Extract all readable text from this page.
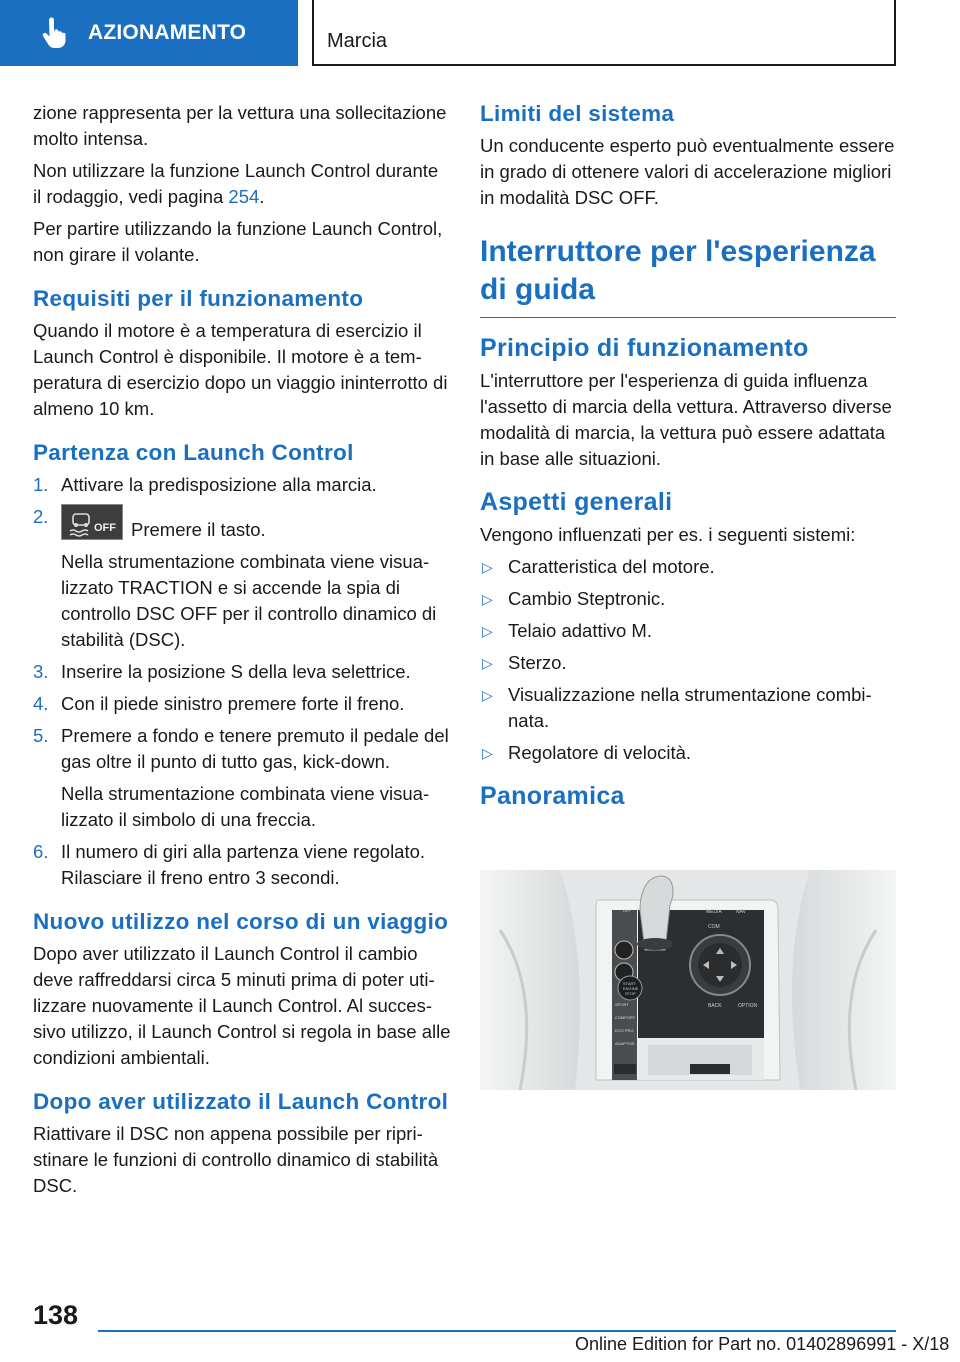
AZIONAMENTO	Marcia

zione rappresenta per la vettura una sollecitazione molto intensa.

Non utilizzare la funzione Launch Control durante il rodaggio, vedi pagina 254.

Per partire utilizzando la funzione Launch Control, non girare il volante.

Requisiti per il funzionamento

Quando il motore è a temperatura di esercizio il Launch Control è disponibile. Il motore è a temperatura di esercizio dopo un viaggio ininterrotto di almeno 10 km.

Partenza con Launch Control
1. Attivare la predisposizione alla marcia.
2.
OFF Premere il tasto.

Nella strumentazione combinata viene visualizzato TRACTION e si accende la spia di controllo DSC OFF per il controllo dinamico di stabilità (DSC).

3. Inserire la posizione S della leva selettrice.
4. Con il piede sinistro premere forte il freno.
5. Premere a fondo e tenere premuto il pedale del gas oltre il punto di tutto gas, kick-down.

Nella strumentazione combinata viene visualizzato il simbolo di una freccia.

6. Il numero di giri alla partenza viene regolato. Rilasciare il freno entro 3 secondi.
Nuovo utilizzo nel corso di un viaggio

Dopo aver utilizzato il Launch Control il cambio deve raffreddarsi circa 5 minuti prima di poter utilizzare nuovamente il Launch Control. Al successivo utilizzo, il Launch Control si regola in base alle condizioni ambientali.

Dopo aver utilizzato il Launch Control

Riattivare il DSC non appena possibile per ripristinare le funzioni di controllo dinamico di stabilità DSC.

Limiti del sistema

Un conducente esperto può eventualmente essere in grado di ottenere valori di accelerazione migliori in modalità DSC OFF.

Interruttore per l'esperienza di guida
Principio di funzionamento

L'interruttore per l'esperienza di guida influenza l'assetto di marcia della vettura. Attraverso diverse modalità di marcia, la vettura può essere adattata in base alle situazioni.

Aspetti generali

Vengono influenzati per es. i seguenti sistemi:

▷ Caratteristica del motore.
▷ Cambio Steptronic.
▷ Telaio adattivo M.
▷ Sterzo.
▷ Visualizzazione nella strumentazione combinata.
▷ Regolatore di velocità.
Panoramica
MEDIA	NAV
COM
BACK	OPTION
START
ENGINE
STOP
SPORT
COMFORT
ECO PRO
ADAPTIVE
OFF
138
Online Edition for Part no. 01402896991 - X/18
